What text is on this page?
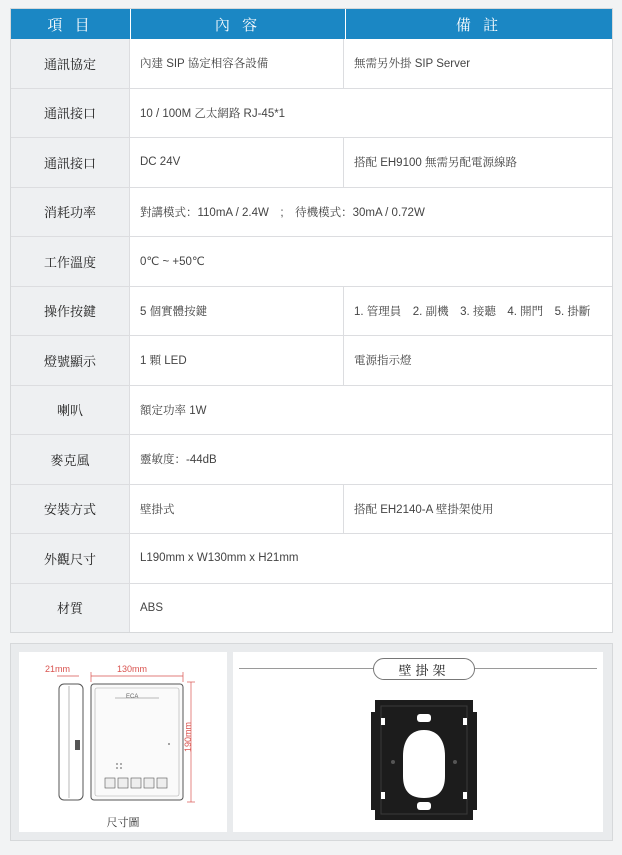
項 目	內 容	備 註
通訊協定	內建 SIP 協定相容各設備	無需另外掛 SIP Server
通訊接口	10 / 100M 乙太網路 RJ-45*1
通訊接口	DC 24V	搭配 EH9100 無需另配電源線路
消耗功率	對講模式：110mA / 2.4W　;　待機模式：30mA / 0.72W
工作溫度	0℃ ~ +50℃
操作按鍵	5 個實體按鍵	1. 管理員　2. 副機　3. 接聽　4. 開門　5. 掛斷
燈號顯示	1 顆 LED	電源指示燈
喇叭	額定功率 1W
麥克風	靈敏度：-44dB
安裝方式	壁掛式	搭配 EH2140-A 壁掛架使用
外觀尺寸	L190mm x W130mm x H21mm
材質	ABS
21mm	130mm
190mm
ECA
尺寸圖
壁掛架
